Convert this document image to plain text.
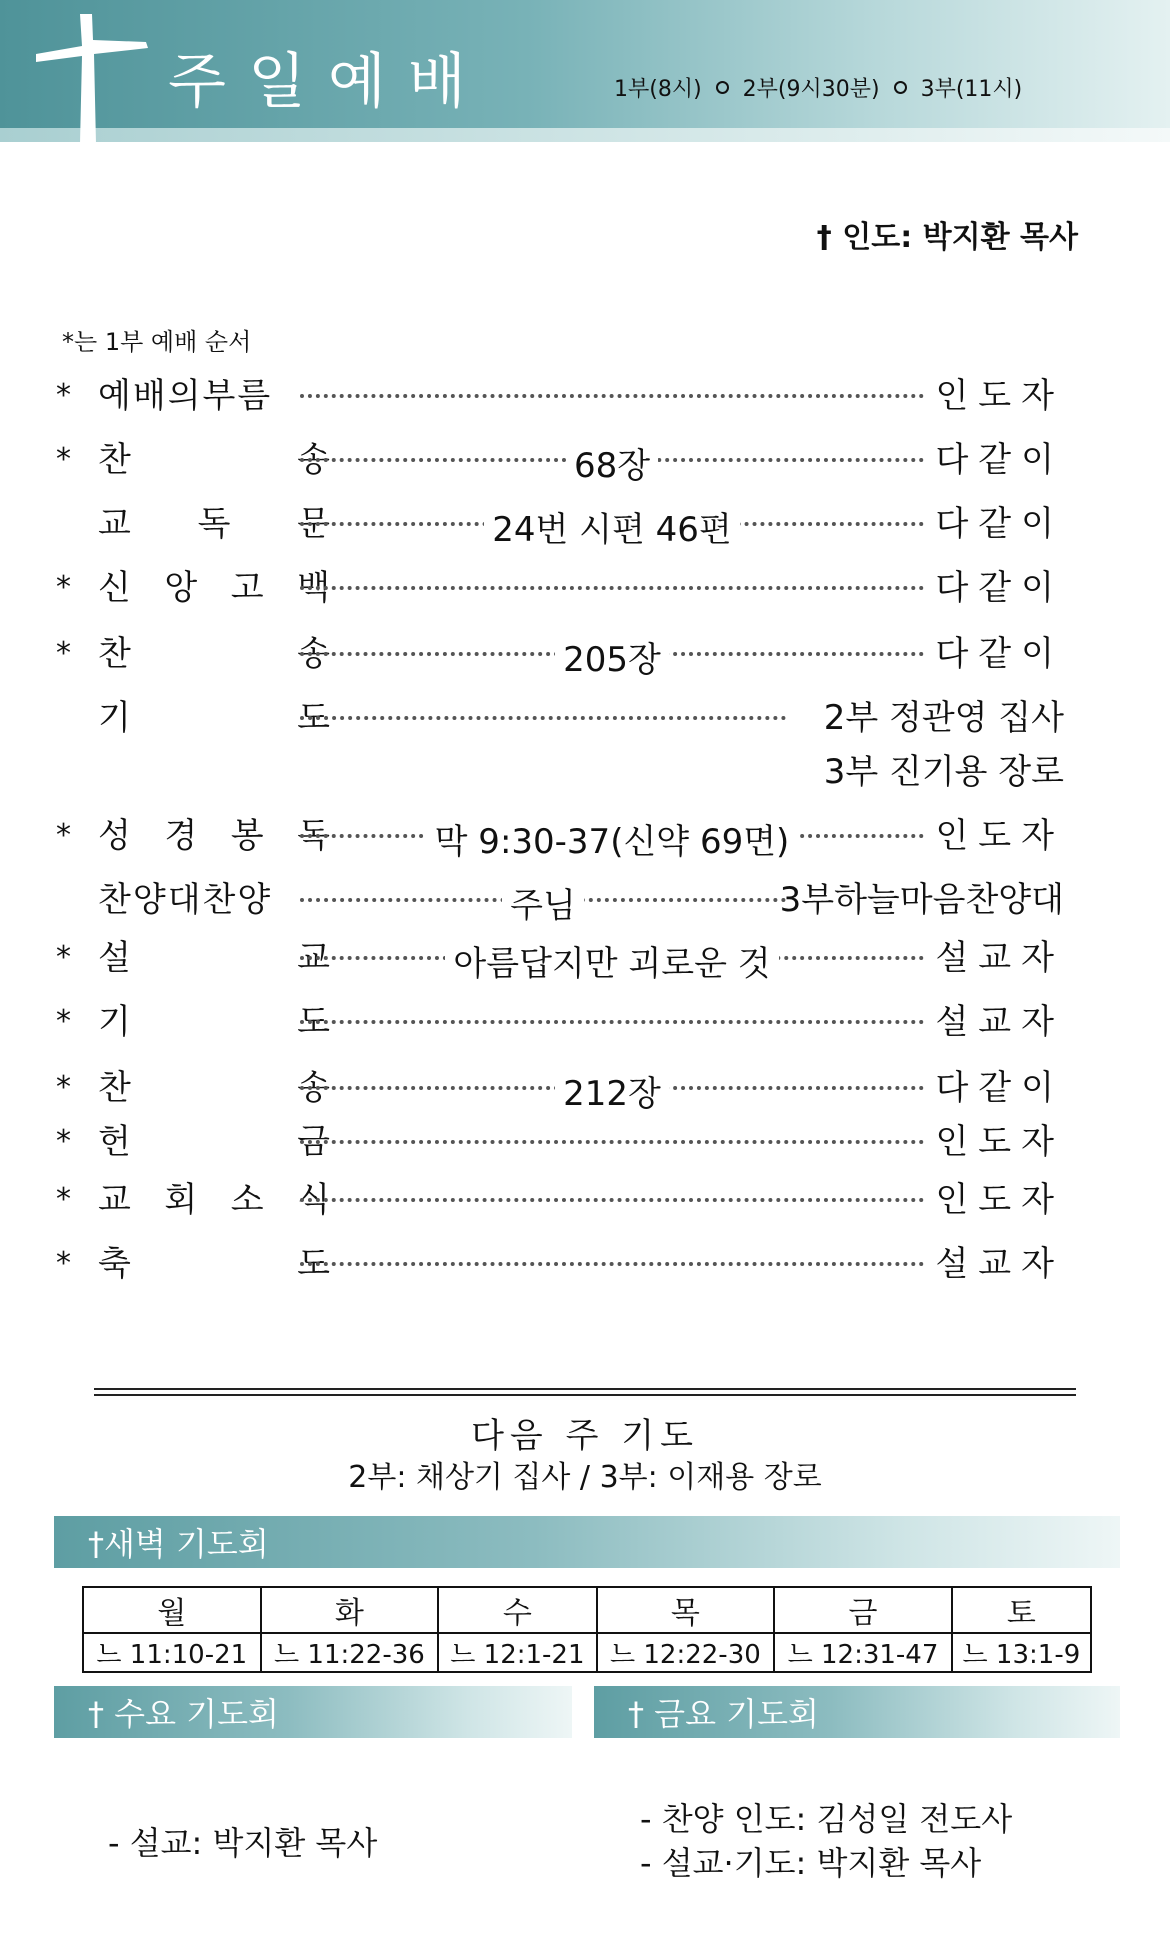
주일예배	1부(8시) 2부(9시30분) 3부(11시)
† 인도: 박지환 목사
*는 1부 예배 순서
* 예배의부름	인도자
* 찬	송	68장	다같이
교 독 문	24번 시편 46편	다같이
* 신 앙 고 백	다같이
* 찬	송	205장	다같이
기	도	2부 정관영 집사
3부 진기용 장로
* 성 경 봉 독	막 9:30-37(신약 69면)	인도자
찬양대찬양	주님	3부하늘마음찬양대
* 설	교	아름답지만 괴로운 것	설교자
* 기	도	설교자
* 찬	송	212장	다같이
* 헌	금	인도자
* 교 회 소 식	인도자
* 축	도	설교자
다음 주 기도
2부: 채상기 집사 / 3부: 이재용 장로
†새벽 기도회
월	화	수	목	금	토
느 11:10-21	느 11:22-36	느 12:1-21	느 12:22-30	느 12:31-47	느 13:1-9
† 수요 기도회	† 금요 기도회
- 설교: 박지환 목사
- 찬양 인도: 김성일 전도사
- 설교·기도: 박지환 목사
